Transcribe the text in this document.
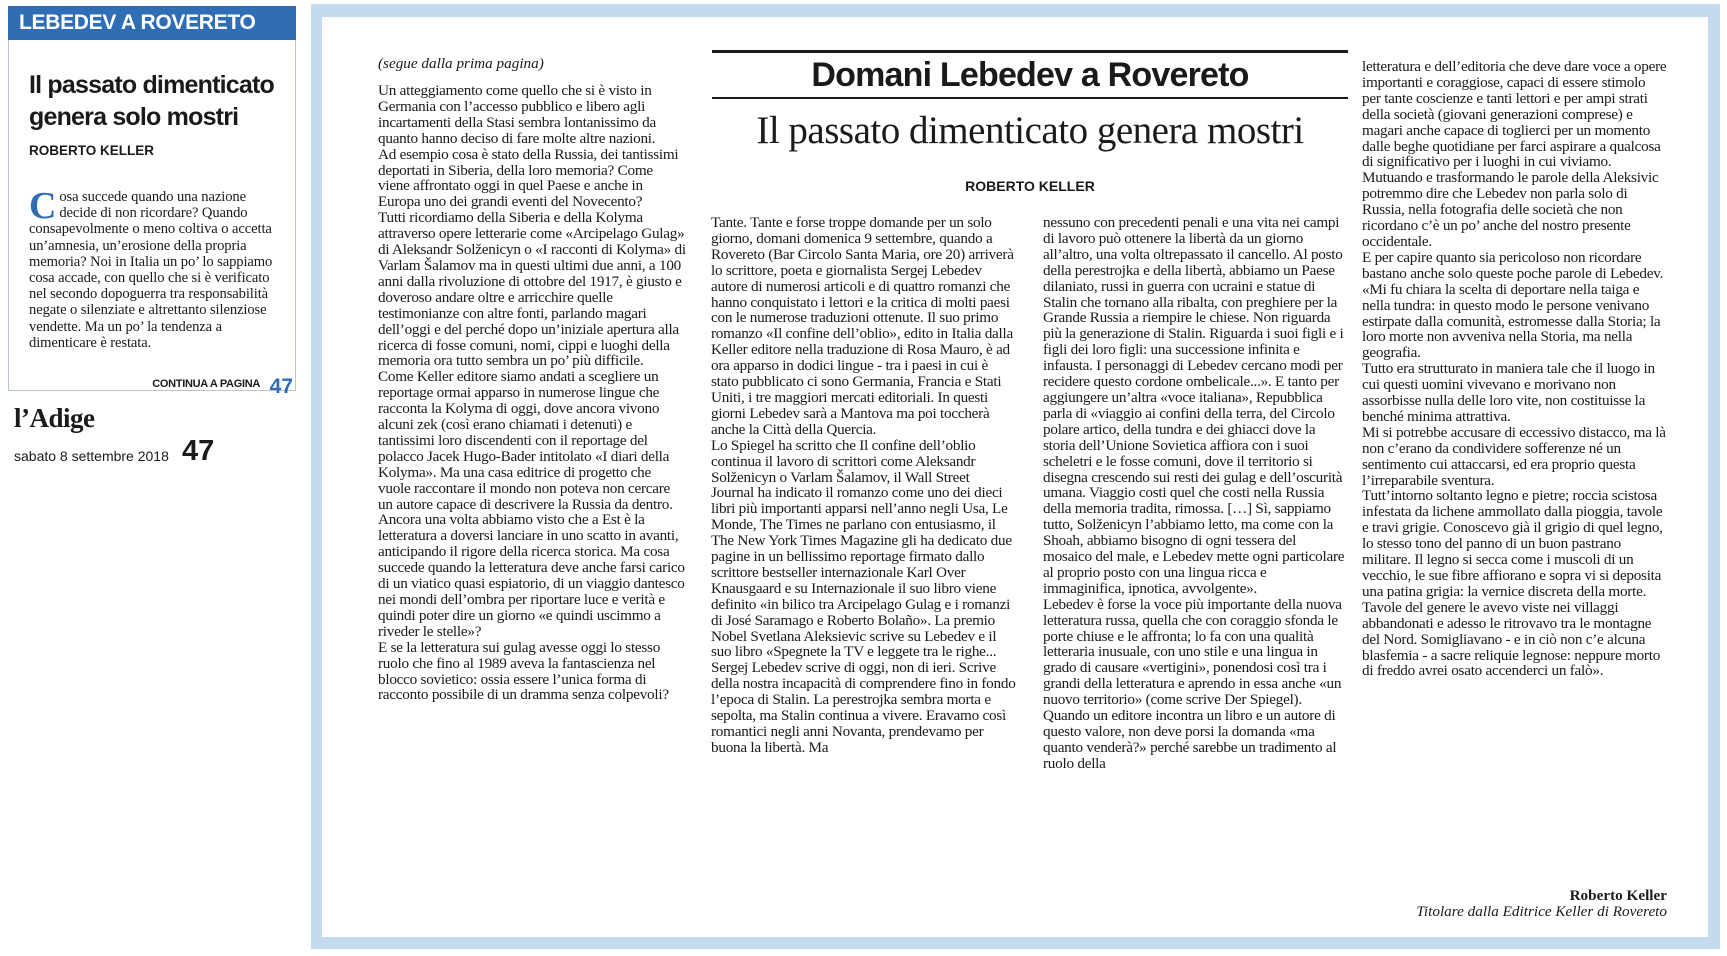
LEBEDEV A ROVERETO
Il passato dimenticato genera solo mostri
ROBERTO KELLER
Cosa succede quando una nazione decide di non ricordare? Quando consapevolmente o meno coltiva o accetta un’amnesia, un’erosione della propria memoria? Noi in Italia un po’ lo sappiamo cosa accade, con quello che si è verificato nel secondo dopoguerra tra responsabilità negate o silenziate e altrettanto silenziose vendette. Ma un po’ la tendenza a dimenticare è restata.
CONTINUA A PAGINA 47
l’Adige
sabato 8 settembre 2018 47
(segue dalla prima pagina)

Un atteggiamento come quello che si è visto in Germania con l’accesso pubblico e libero agli incartamenti della Stasi sembra lontanissimo da quanto hanno deciso di fare molte altre nazioni.

Ad esempio cosa è stato della Russia, dei tantissimi deportati in Siberia, della loro memoria? Come viene affrontato oggi in quel Paese e anche in Europa uno dei grandi eventi del Novecento?

Tutti ricordiamo della Siberia e della Kolyma attraverso opere letterarie come «Arcipelago Gulag» di Aleksandr Solženicyn o «I racconti di Kolyma» di Varlam Šalamov ma in questi ultimi due anni, a 100 anni dalla rivoluzione di ottobre del 1917, è giusto e doveroso andare oltre e arricchire quelle testimonianze con altre fonti, parlando magari dell’oggi e del perché dopo un’iniziale apertura alla ricerca di fosse comuni, nomi, cippi e luoghi della memoria ora tutto sembra un po’ più difficile.

Come Keller editore siamo andati a scegliere un reportage ormai apparso in numerose lingue che racconta la Kolyma di oggi, dove ancora vivono alcuni zek (così erano chiamati i detenuti) e tantissimi loro discendenti con il reportage del polacco Jacek Hugo-Bader intitolato «I diari della Kolyma». Ma una casa editrice di progetto che vuole raccontare il mondo non poteva non cercare un autore capace di descrivere la Russia da dentro.

Ancora una volta abbiamo visto che a Est è la letteratura a doversi lanciare in uno scatto in avanti, anticipando il rigore della ricerca storica. Ma cosa succede quando la letteratura deve anche farsi carico di un viatico quasi espiatorio, di un viaggio dantesco nei mondi dell’ombra per riportare luce e verità e quindi poter dire un giorno «e quindi uscimmo a riveder le stelle»?

E se la letteratura sui gulag avesse oggi lo stesso ruolo che fino al 1989 aveva la fantascienza nel blocco sovietico: ossia essere l’unica forma di racconto possibile di un dramma senza colpevoli?

Domani Lebedev a Rovereto
Il passato dimenticato genera mostri
ROBERTO KELLER

Tante. Tante e forse troppe domande per un solo giorno, domani domenica 9 settembre, quando a Rovereto (Bar Circolo Santa Maria, ore 20) arriverà lo scrittore, poeta e giornalista Sergej Lebedev autore di numerosi articoli e di quattro romanzi che hanno conquistato i lettori e la critica di molti paesi con le numerose traduzioni ottenute. Il suo primo romanzo «Il confine dell’oblio», edito in Italia dalla Keller editore nella traduzione di Rosa Mauro, è ad ora apparso in dodici lingue - tra i paesi in cui è stato pubblicato ci sono Germania, Francia e Stati Uniti, i tre maggiori mercati editoriali. In questi giorni Lebedev sarà a Mantova ma poi toccherà anche la Città della Quercia.

Lo Spiegel ha scritto che Il confine dell’oblio continua il lavoro di scrittori come Aleksandr Solženicyn o Varlam Šalamov, il Wall Street Journal ha indicato il romanzo come uno dei dieci libri più importanti apparsi nell’anno negli Usa, Le Monde, The Times ne parlano con entusiasmo, il The New York Times Magazine gli ha dedicato due pagine in un bellissimo reportage firmato dallo scrittore bestseller internazionale Karl Over Knausgaard e su Internazionale il suo libro viene definito «in bilico tra Arcipelago Gulag e i romanzi di José Saramago e Roberto Bolaño». La premio Nobel Svetlana Aleksievic scrive su Lebedev e il suo libro «Spegnete la TV e leggete tra le righe... Sergej Lebedev scrive di oggi, non di ieri. Scrive della nostra incapacità di comprendere fino in fondo l’epoca di Stalin. La perestrojka sembra morta e sepolta, ma Stalin continua a vivere. Eravamo così romantici negli anni Novanta, prendevamo per buona la libertà. Ma

nessuno con precedenti penali e una vita nei campi di lavoro può ottenere la libertà da un giorno all’altro, una volta oltrepassato il cancello. Al posto della perestrojka e della libertà, abbiamo un Paese dilaniato, russi in guerra con ucraini e statue di Stalin che tornano alla ribalta, con preghiere per la Grande Russia a riempire le chiese. Non riguarda più la generazione di Stalin. Riguarda i suoi figli e i figli dei loro figli: una successione infinita e infausta. I personaggi di Lebedev cercano modi per recidere questo cordone ombelicale...». E tanto per aggiungere un’altra «voce italiana», Repubblica parla di «viaggio ai confini della terra, del Circolo polare artico, della tundra e dei ghiacci dove la storia dell’Unione Sovietica affiora con i suoi scheletri e le fosse comuni, dove il territorio si disegna crescendo sui resti dei gulag e dell’oscurità umana. Viaggio costi quel che costi nella Russia della memoria tradita, rimossa. […] Sì, sappiamo tutto, Solženicyn l’abbiamo letto, ma come con la Shoah, abbiamo bisogno di ogni tessera del mosaico del male, e Lebedev mette ogni particolare al proprio posto con una lingua ricca e immaginifica, ipnotica, avvolgente».

Lebedev è forse la voce più importante della nuova letteratura russa, quella che con coraggio sfonda le porte chiuse e le affronta; lo fa con una qualità letteraria inusuale, con uno stile e una lingua in grado di causare «vertigini», ponendosi così tra i grandi della letteratura e aprendo in essa anche «un nuovo territorio» (come scrive Der Spiegel).

Quando un editore incontra un libro e un autore di questo valore, non deve porsi la domanda «ma quanto venderà?» perché sarebbe un tradimento al ruolo della

letteratura e dell’editoria che deve dare voce a opere importanti e coraggiose, capaci di essere stimolo per tante coscienze e tanti lettori e per ampi strati della società (giovani generazioni comprese) e magari anche capace di toglierci per un momento dalle beghe quotidiane per farci aspirare a qualcosa di significativo per i luoghi in cui viviamo.

Mutuando e trasformando le parole della Aleksivic potremmo dire che Lebedev non parla solo di Russia, nella fotografia delle società che non ricordano c’è un po’ anche del nostro presente occidentale.

E per capire quanto sia pericoloso non ricordare bastano anche solo queste poche parole di Lebedev.

«Mi fu chiara la scelta di deportare nella taiga e nella tundra: in questo modo le persone venivano estirpate dalla comunità, estromesse dalla Storia; la loro morte non avveniva nella Storia, ma nella geografia.

Tutto era strutturato in maniera tale che il luogo in cui questi uomini vivevano e morivano non assorbisse nulla delle loro vite, non costituisse la benché minima attrattiva.

Mi si potrebbe accusare di eccessivo distacco, ma là non c’erano da condividere sofferenze né un sentimento cui attaccarsi, ed era proprio questa l’irreparabile sventura.

Tutt’intorno soltanto legno e pietre; roccia scistosa infestata da lichene ammollato dalla pioggia, tavole e travi grigie. Conoscevo già il grigio di quel legno, lo stesso tono del panno di un buon pastrano militare. Il legno si secca come i muscoli di un vecchio, le sue fibre affiorano e sopra vi si deposita una patina grigia: la vernice discreta della morte. Tavole del genere le avevo viste nei villaggi abbandonati e adesso le ritrovavo tra le montagne del Nord. Somigliavano - e in ciò non c’e alcuna blasfemia - a sacre reliquie legnose: neppure morto di freddo avrei osato accenderci un falò».

Roberto Keller
Titolare dalla Editrice Keller di Rovereto
